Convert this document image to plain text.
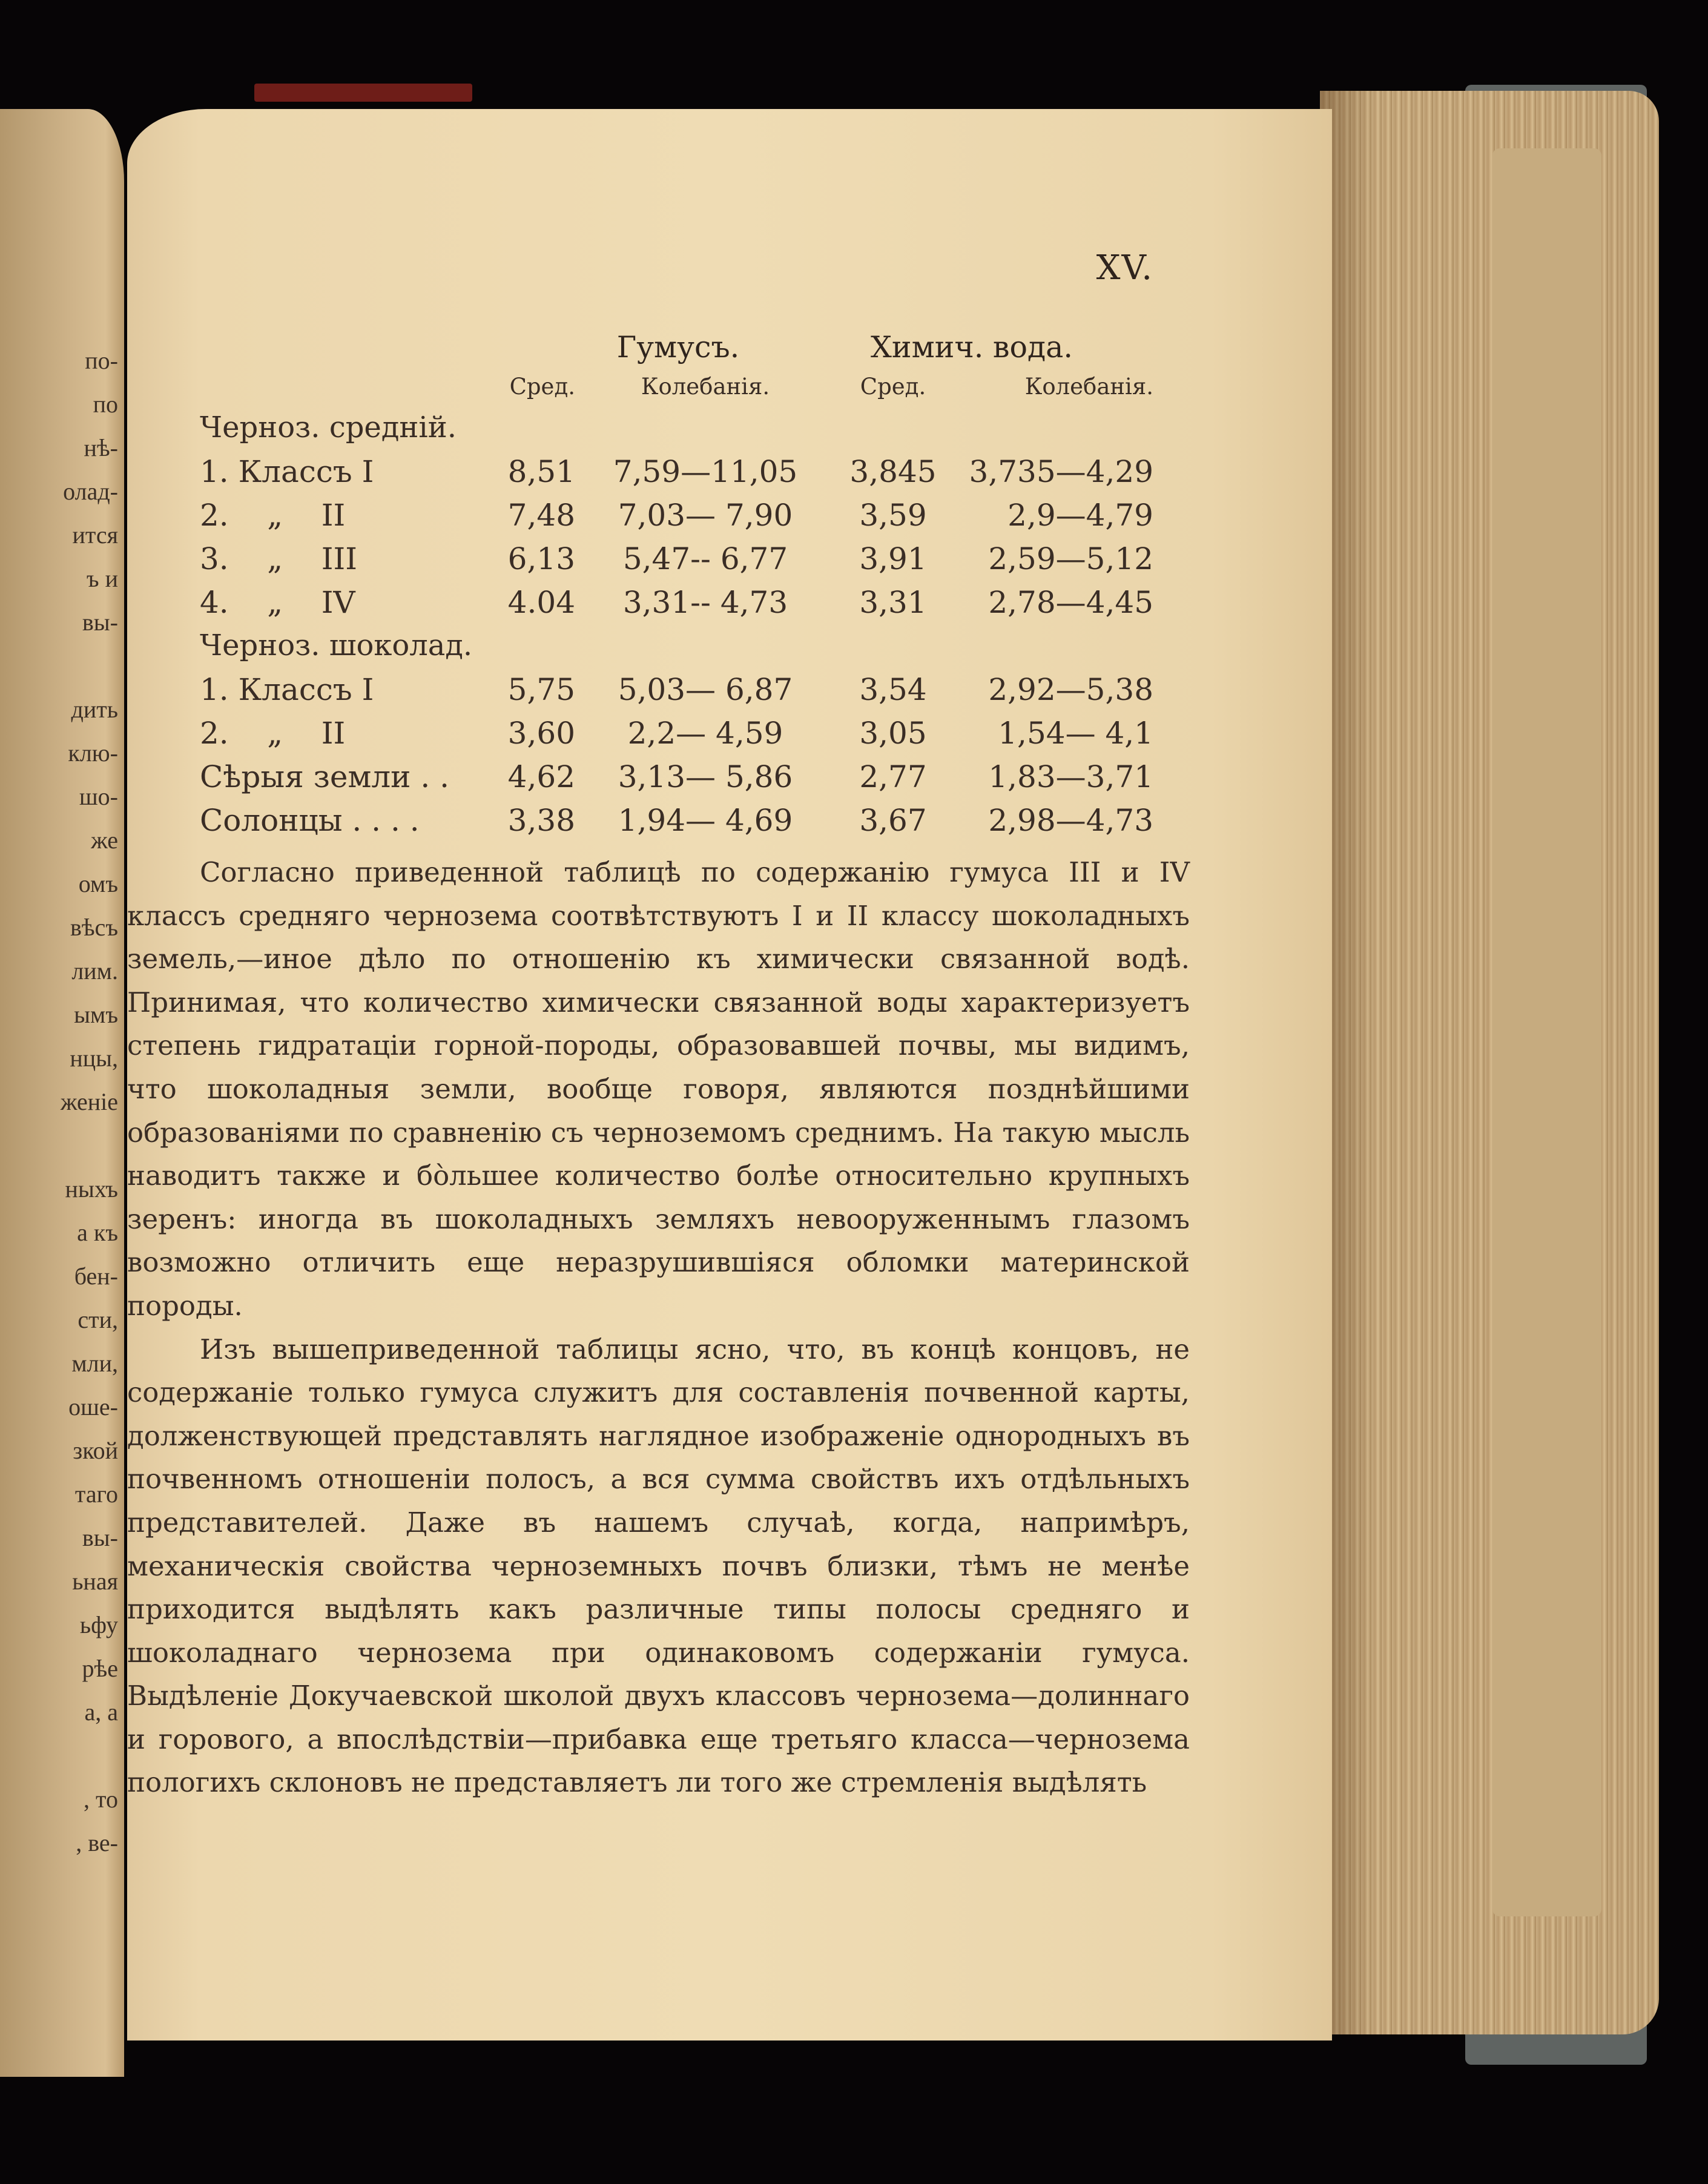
по-
по
нѣ-
олад-
ится
ъ и
вы-
дить
клю-
шо-
же
омъ
вѣсъ
лим.
ымъ
нцы,
женіе
ныхъ
а къ
бен-
сти,
мли,
оше-
зкой
таго
вы-
ьная
ьфу
рѣе
а, а
, то
, ве-
XV.
Гумусъ.	Химич. вода.
Сред.	Колебанія.	Сред.	Колебанія.
Черноз. средній.
1. Классъ I	8,51	7,59—11,05	3,845	3,735—4,29
2.    „    II	7,48	7,03— 7,90	3,59	2,9—4,79
3.    „    III	6,13	5,47-- 6,77	3,91	2,59—5,12
4.    „    IV	4.04	3,31-- 4,73	3,31	2,78—4,45
Черноз. шоколад.
1. Классъ I	5,75	5,03— 6,87	3,54	2,92—5,38
2.    „    II	3,60	2,2— 4,59	3,05	1,54— 4,1
Сѣрыя земли . .	4,62	3,13— 5,86	2,77	1,83—3,71
Солонцы . . . .	3,38	1,94— 4,69	3,67	2,98—4,73

Согласно приведенной таблицѣ по содержанію гумуса III и IV классъ средняго чернозема соотвѣтствуютъ I и II классу шоколадныхъ земель,—иное дѣло по отношенію къ химически связанной водѣ. Принимая, что количество химически связанной воды характеризуетъ степень гидратаціи горной-породы, образовавшей почвы, мы видимъ, что шоколадныя земли, вообще говоря, являются позднѣйшими образованіями по сравненію съ черноземомъ среднимъ. На такую мысль наводитъ также и бо̀льшее количество болѣе относительно крупныхъ зеренъ: иногда въ шоколадныхъ земляхъ невооруженнымъ глазомъ возможно отличить еще неразрушившіяся обломки материнской породы.

Изъ вышеприведенной таблицы ясно, что, въ концѣ концовъ, не содержаніе только гумуса служитъ для составленія почвенной карты, долженствующей представлять наглядное изображеніе однородныхъ въ почвенномъ отношеніи полосъ, а вся сумма свойствъ ихъ отдѣльныхъ представителей. Даже въ нашемъ случаѣ, когда, напримѣръ, механическія свойства черноземныхъ почвъ близки, тѣмъ не менѣе приходится выдѣлять какъ различные типы полосы средняго и шоколаднаго чернозема при одинаковомъ содержаніи гумуса. Выдѣленіе Докучаевской школой двухъ классовъ чернозема—долиннаго и горового, а впослѣдствіи—прибавка еще третьяго класса—чернозема пологихъ склоновъ не представляетъ ли того же стремленія выдѣлять
